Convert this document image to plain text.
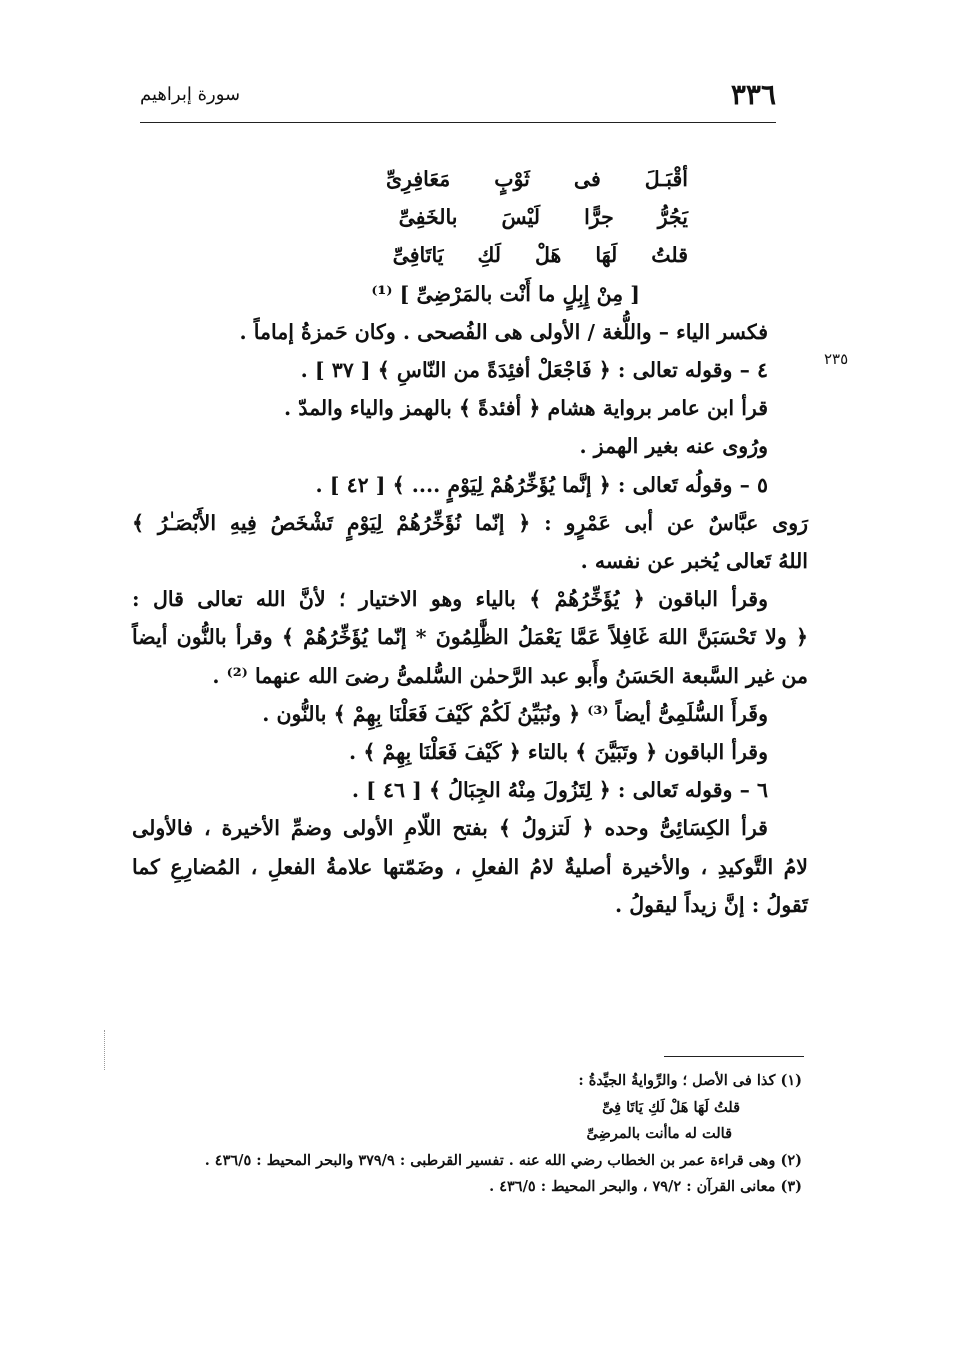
٣٣٦
سورة إبراهيم
٢٣٥
أقْبَـلَ
فى
ثَوْبٍ
مَعَافِرِىِّ
يَجُرُّ
جرًّا
لَيْسَ
بالخَفِىِّ
قلتُ
لَهَا
هَلْ
لَكِ
يَاتَافِىِّ
[ مِنْ إِبِلٍ ما أَنْت بالمَرْضِىِّ ] ⁽¹⁾
فكسر الياء – واللُّغة / الأولى هى الفُصحى . وكان حَمزةُ إماماً .
٤ – وقوله تعالى : ﴿ فَاجْعَلْ أفئِدَةً من النّاسِ ﴾ [ ٣٧ ] .
قرأ ابن عامر برواية هشام ﴿ أفئدةً ﴾ بالهمز والياء والمدّ .
ورُوى عنه بغير الهمز .
٥ – وقولُه تَعالى : ﴿ إنَّما يُؤَخِّرُهُمْ لِيَوْمٍ .... ﴾ [ ٤٢ ] .
رَوى عبَّاسٌ عن أبى عَمْرٍو : ﴿ إنّما نُؤَخِّرُهُمْ لِيَوْمٍ تَشْخَصُ فِيهِ الأَبْصَـٰرُ ﴾
اللهُ تَعالى يُخبر عن نفسه .
وقرأ الباقون ﴿ يُؤَخِّرُهُمْ ﴾ بالياء وهو الاختيار ؛ لأنَّ الله تعالى قال :
﴿ ولا تَحْسَبَنَّ اللهَ غَافِلاً عَمَّا يَعْمَلُ الظَّٰلِمُونَ * إنّما يُؤَخِّرُهُمْ ﴾ وقرأ بالنُّون أيضاً
من غير السَّبعة الحَسَنُ وأَبو عبد الرَّحمٰن السُّلمىُّ رضىَ الله عنهما ⁽²⁾ .
وقَرأَ السُّلَمِىُّ أيضاً ⁽³⁾ ﴿ ونُبَيِّنُ لَكُمْ كَيْفَ فَعَلْنَا بِهِمْ ﴾ بالنُّون .
وقرأ الباقون ﴿ وتَبَيَّنَ ﴾ بالتاء ﴿ كَيْفَ فَعَلْنَا بِهِمْ ﴾ .
٦ – وقوله تَعالى : ﴿ لِتَزُولَ مِنْهُ الجِبَالُ ﴾ [ ٤٦ ] .
قرأ الكِسَائِىُّ وحده ﴿ لَتزولُ ﴾ بفتح اللّامِ الأولى وضمِّ الأخيرة ، فالأولى
لامُ التَّوكيدِ ، والأخيرة أصليةٌ لامُ الفعلِ ، وضَمّتها علامةُ الفعلِ ، المُضارِعِ كما
تَقولُ : إنَّ زيداً ليقولُ .
(١) كذا فى الأصل ؛ والرِّوايةُ الجيِّدةُ :
قلتُ لَهَا هَلْ لَكِ يَاتَا فِىِّ
قالت له ماأنت بالمرضِىِّ
(٢) وهى قراءة عمر بن الخطاب رضي الله عنه . تفسير القرطبى : ٣٧٩/٩ والبحر المحيط : ٤٣٦/٥ .
(٣) معانى القرآن : ٧٩/٢ ، والبحر المحيط : ٤٣٦/٥ .
